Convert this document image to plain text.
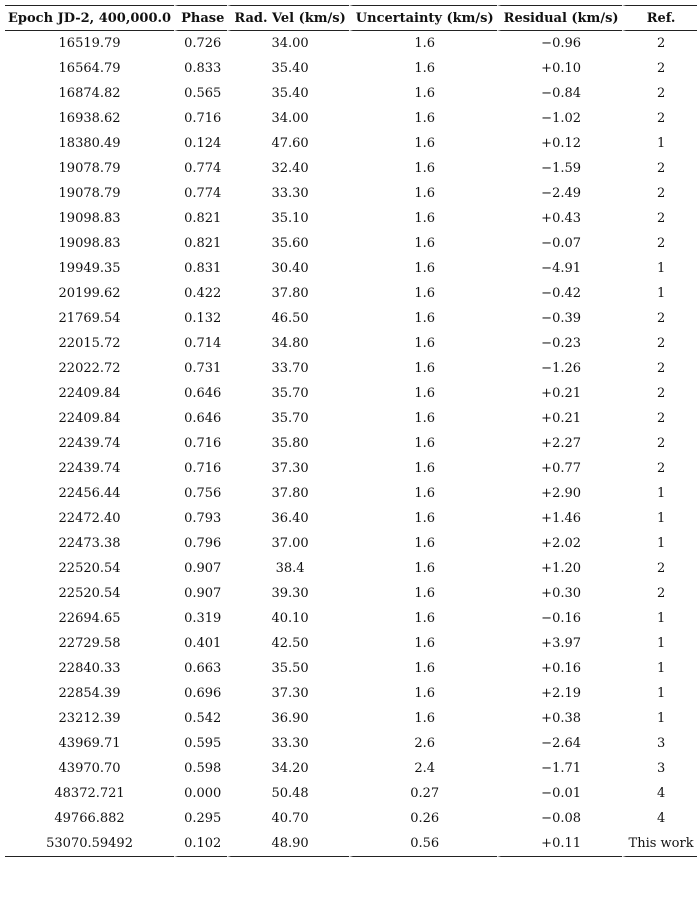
Epoch JD-2, 400,000.0	Phase	Rad. Vel (km/s)	Uncertainty (km/s)	Residual (km/s)	Ref.
16519.79	0.726	34.00	1.6	−0.96	2
16564.79	0.833	35.40	1.6	+0.10	2
16874.82	0.565	35.40	1.6	−0.84	2
16938.62	0.716	34.00	1.6	−1.02	2
18380.49	0.124	47.60	1.6	+0.12	1
19078.79	0.774	32.40	1.6	−1.59	2
19078.79	0.774	33.30	1.6	−2.49	2
19098.83	0.821	35.10	1.6	+0.43	2
19098.83	0.821	35.60	1.6	−0.07	2
19949.35	0.831	30.40	1.6	−4.91	1
20199.62	0.422	37.80	1.6	−0.42	1
21769.54	0.132	46.50	1.6	−0.39	2
22015.72	0.714	34.80	1.6	−0.23	2
22022.72	0.731	33.70	1.6	−1.26	2
22409.84	0.646	35.70	1.6	+0.21	2
22409.84	0.646	35.70	1.6	+0.21	2
22439.74	0.716	35.80	1.6	+2.27	2
22439.74	0.716	37.30	1.6	+0.77	2
22456.44	0.756	37.80	1.6	+2.90	1
22472.40	0.793	36.40	1.6	+1.46	1
22473.38	0.796	37.00	1.6	+2.02	1
22520.54	0.907	38.4	1.6	+1.20	2
22520.54	0.907	39.30	1.6	+0.30	2
22694.65	0.319	40.10	1.6	−0.16	1
22729.58	0.401	42.50	1.6	+3.97	1
22840.33	0.663	35.50	1.6	+0.16	1
22854.39	0.696	37.30	1.6	+2.19	1
23212.39	0.542	36.90	1.6	+0.38	1
43969.71	0.595	33.30	2.6	−2.64	3
43970.70	0.598	34.20	2.4	−1.71	3
48372.721	0.000	50.48	0.27	−0.01	4
49766.882	0.295	40.70	0.26	−0.08	4
53070.59492	0.102	48.90	0.56	+0.11	This work
